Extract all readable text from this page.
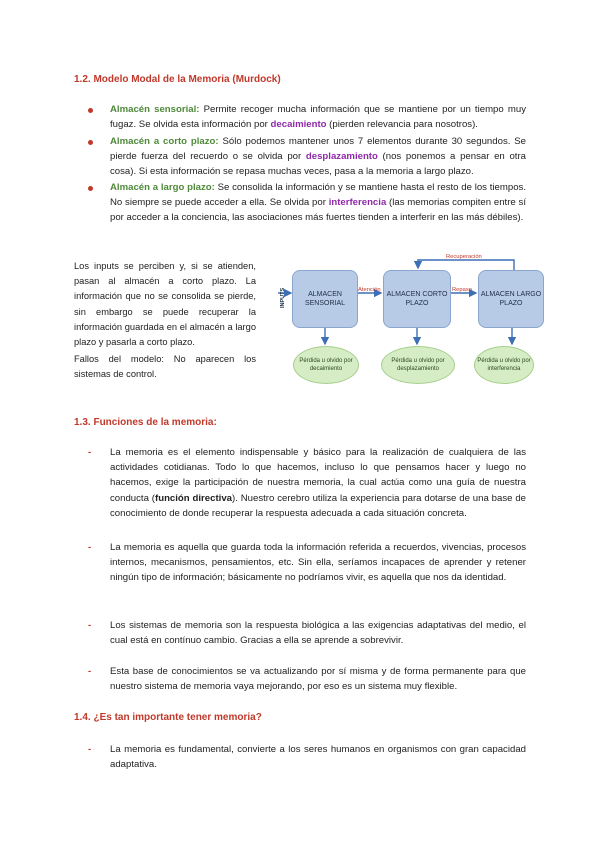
1.2. Modelo Modal de la Memoria (Murdock)
Almacén sensorial: Permite recoger mucha información que se mantiene por un tiempo muy fugaz. Se olvida esta información por decaimiento (pierden relevancia para nosotros).
Almacén a corto plazo: Sólo podemos mantener unos 7 elementos durante 30 segundos. Se pierde fuerza del recuerdo o se olvida por desplazamiento (nos ponemos a pensar en otra cosa). Si esta información se repasa muchas veces, pasa a la memoria a largo plazo.
Almacén a largo plazo: Se consolida la información y se mantiene hasta el resto de los tiempos. No siempre se puede acceder a ella. Se olvida por interferencia (las memorias compiten entre sí por acceder a la conciencia, las asociaciones más fuertes tienden a interferir en las más débiles).
Los inputs se perciben y, si se atienden, pasan al almacén a corto plazo. La información que no se consolida se pierde, sin embargo se puede recuperar la información guardada en el almacén a largo plazo y pasarla a corto plazo.
Fallos del modelo: No aparecen los sistemas de control.
INPUTS	ALMACEN SENSORIAL
ALMACEN CORTO PLAZO
ALMACEN LARGO PLAZO
Atención	Repaso
Recuperación
Pérdida u olvido por
decaimiento
Pérdida u olvido por
desplazamiento
Pérdida u olvido por
interferencia
1.3. Funciones de la memoria:
- La memoria es el elemento indispensable y básico para la realización de cualquiera de las actividades cotidianas. Todo lo que hacemos, incluso lo que pensamos hacer y luego no hacemos, exige la participación de nuestra memoria, la cual actúa como una guía de nuestra conducta (función directiva). Nuestro cerebro utiliza la experiencia para dotarse de una base de conocimiento de donde recuperar la respuesta adecuada a cada situación concreta.
- La memoria es aquella que guarda toda la información referida a recuerdos, vivencias, procesos internos, mecanismos, pensamientos, etc. Sin ella, seríamos incapaces de aprender y retener ningún tipo de información; básicamente no podríamos vivir, es aquella que nos da identidad.
- Los sistemas de memoria son la respuesta biológica a las exigencias adaptativas del medio, el cual está en contínuo cambio. Gracias a ella se aprende a sobrevivir.
- Esta base de conocimientos se va actualizando por sí misma y de forma permanente para que nuestro sistema de memoria vaya mejorando, por eso es un sistema muy flexible.
1.4. ¿Es tan importante tener memoria?
- La memoria es fundamental, convierte a los seres humanos en organismos con gran capacidad adaptativa.
